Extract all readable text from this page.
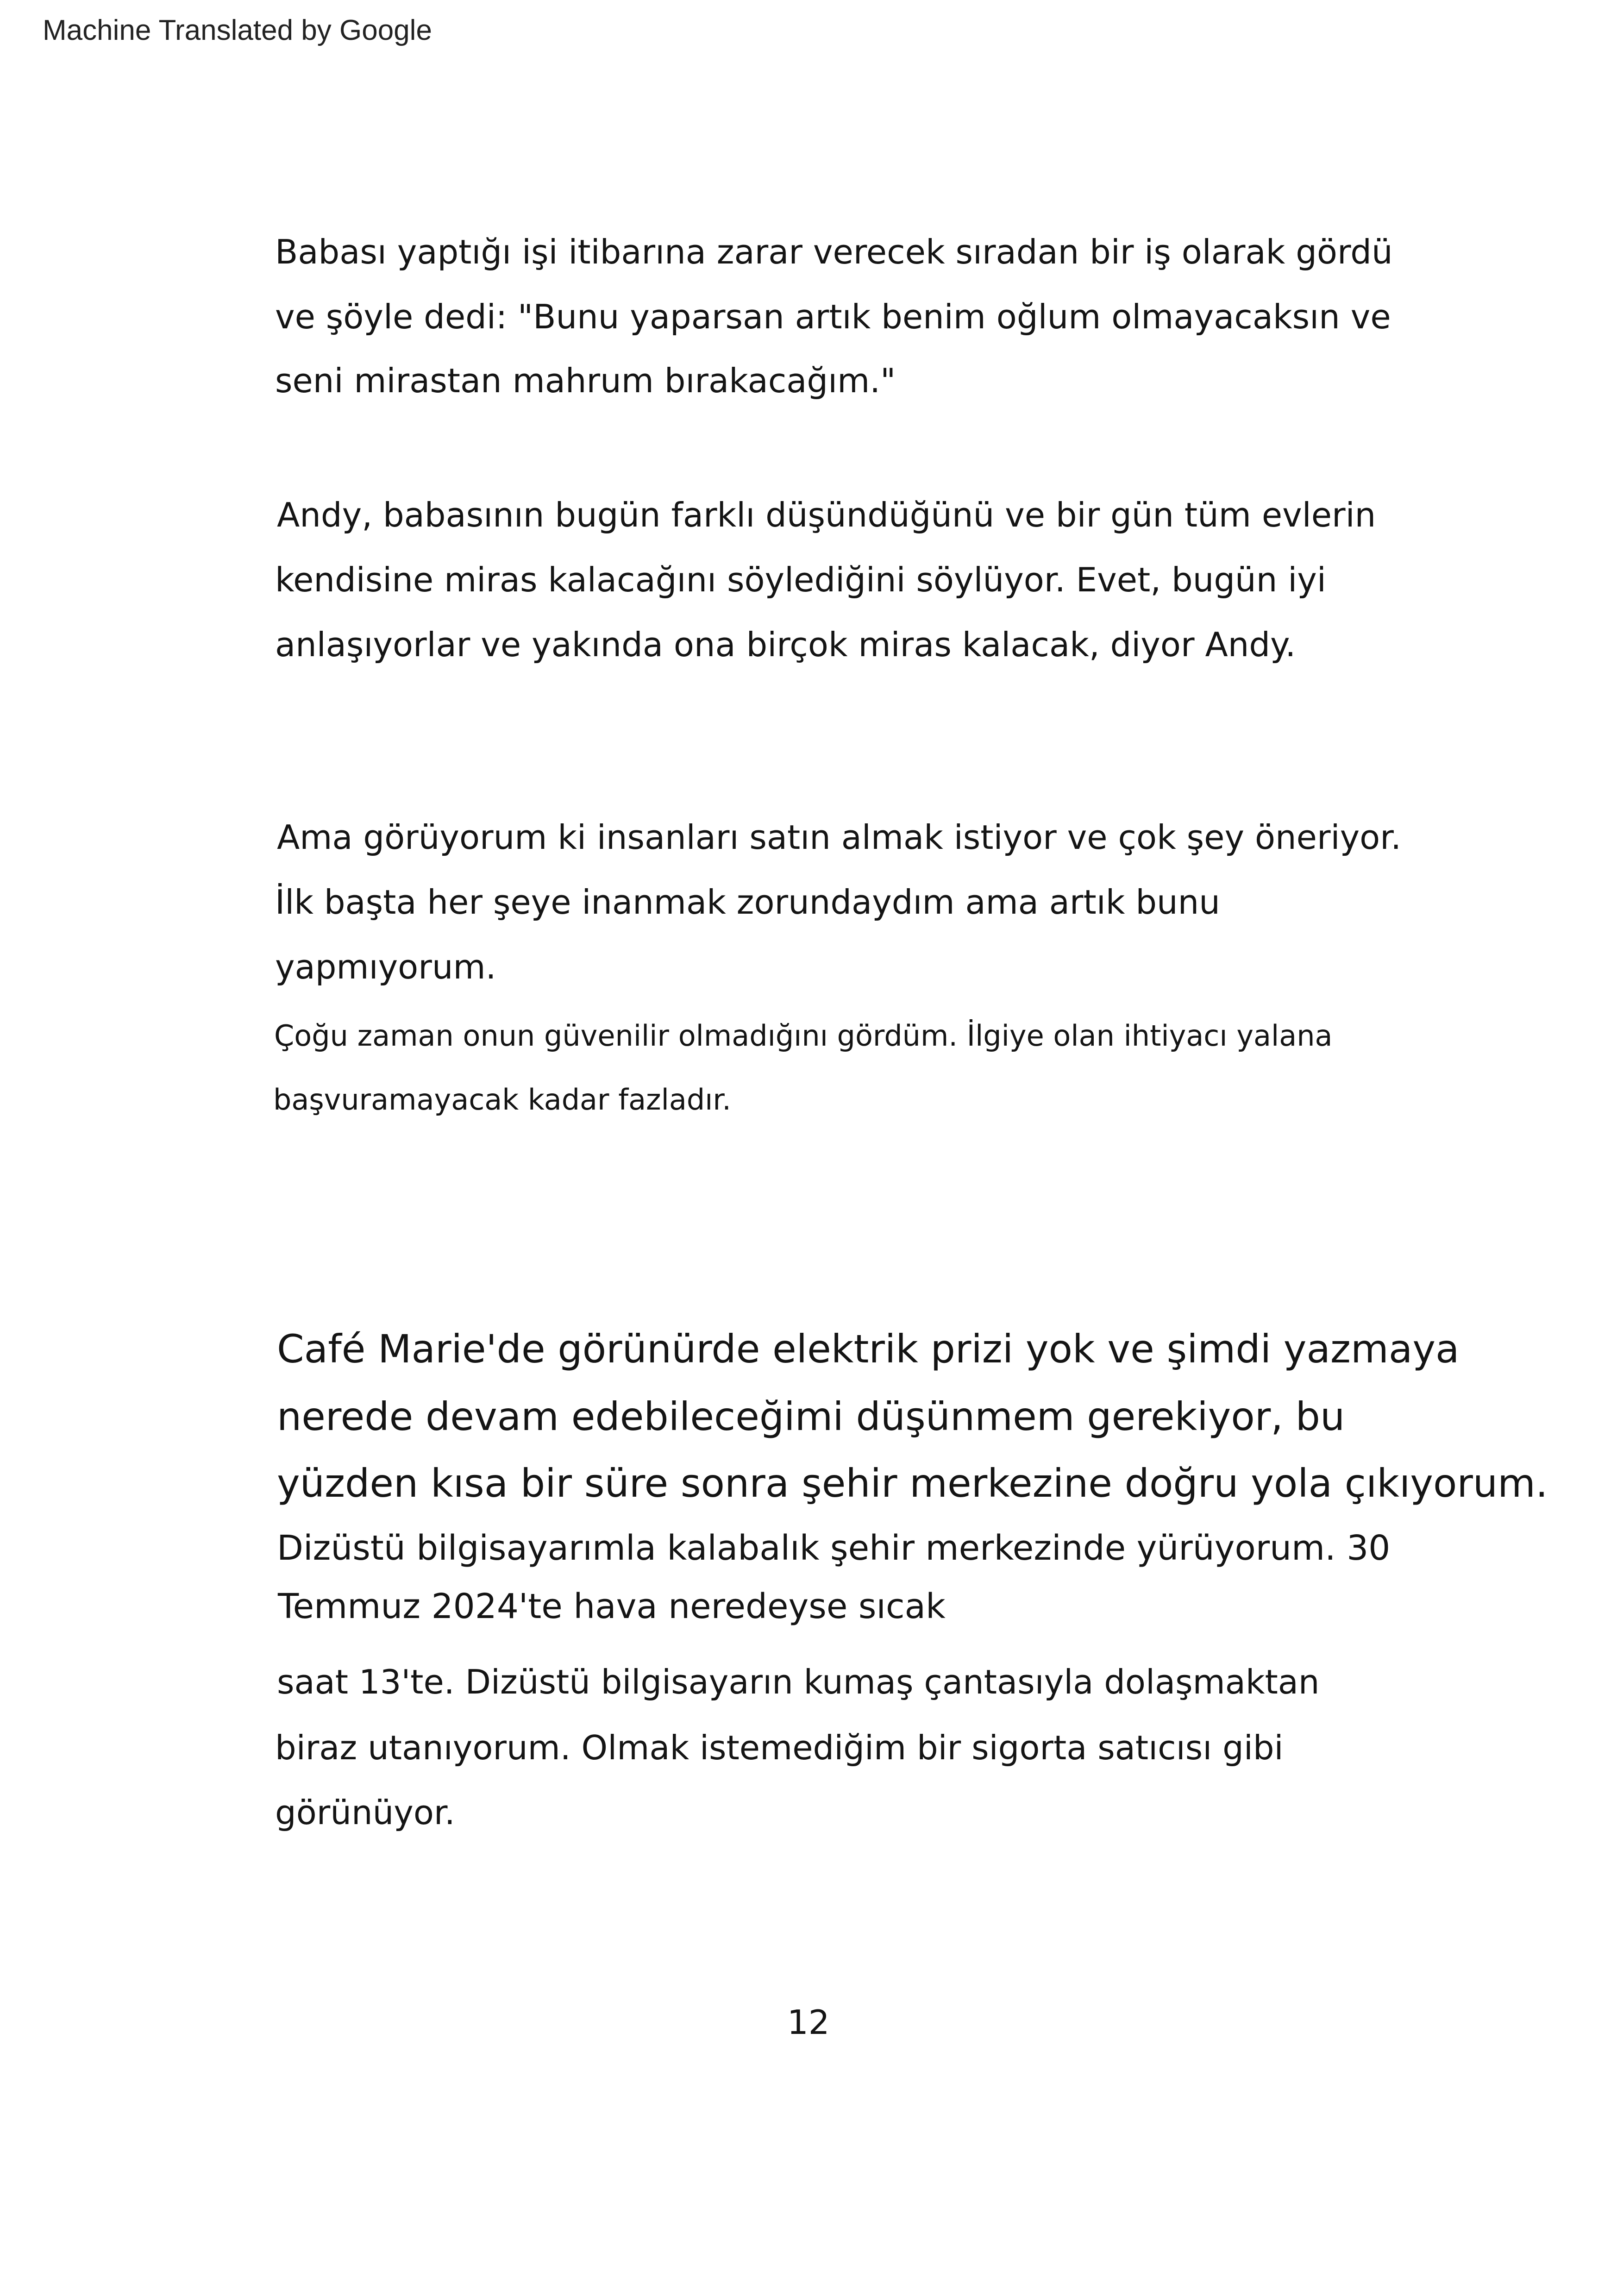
Machine Translated by Google
Babası yaptığı işi itibarına zarar verecek sıradan bir iş olarak gördü
ve şöyle dedi: "Bunu yaparsan artık benim oğlum olmayacaksın ve
seni mirastan mahrum bırakacağım."
Andy, babasının bugün farklı düşündüğünü ve bir gün tüm evlerin
kendisine miras kalacağını söylediğini söylüyor. Evet, bugün iyi
anlaşıyorlar ve yakında ona birçok miras kalacak, diyor Andy.
Ama görüyorum ki insanları satın almak istiyor ve çok şey öneriyor.
İlk başta her şeye inanmak zorundaydım ama artık bunu
yapmıyorum.
Çoğu zaman onun güvenilir olmadığını gördüm. İlgiye olan ihtiyacı yalana
başvuramayacak kadar fazladır.
Café Marie'de görünürde elektrik prizi yok ve şimdi yazmaya
nerede devam edebileceğimi düşünmem gerekiyor, bu
yüzden kısa bir süre sonra şehir merkezine doğru yola çıkıyorum.
Dizüstü bilgisayarımla kalabalık şehir merkezinde yürüyorum. 30
Temmuz 2024'te hava neredeyse sıcak
saat 13'te. Dizüstü bilgisayarın kumaş çantasıyla dolaşmaktan
biraz utanıyorum. Olmak istemediğim bir sigorta satıcısı gibi
görünüyor.
12
